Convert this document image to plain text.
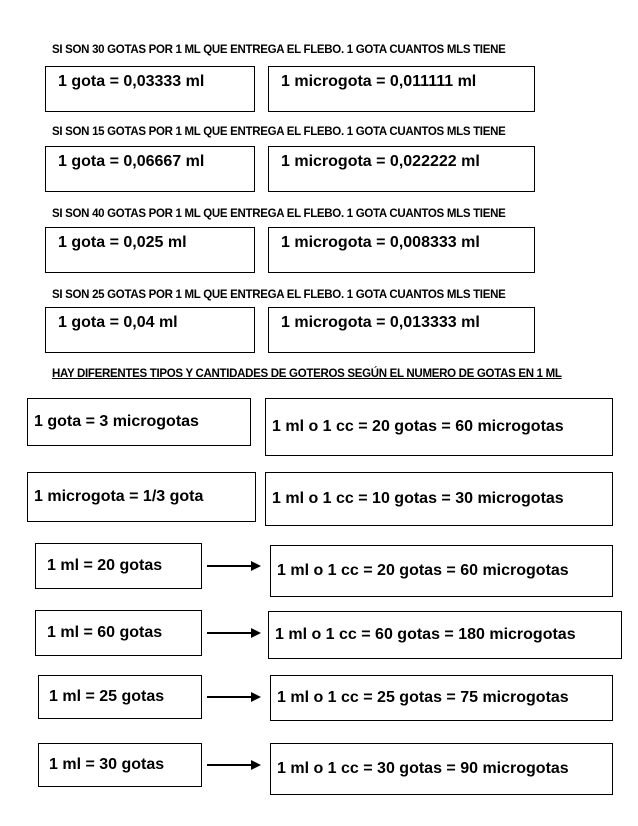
SI SON 30 GOTAS POR 1 ML QUE ENTREGA EL FLEBO. 1 GOTA CUANTOS MLS TIENE
1 gota = 0,03333 ml	1 microgota = 0,011111 ml
SI SON 15 GOTAS POR 1 ML QUE ENTREGA EL FLEBO. 1 GOTA CUANTOS MLS TIENE
1 gota = 0,06667 ml	1 microgota = 0,022222 ml
SI SON 40 GOTAS POR 1 ML QUE ENTREGA EL FLEBO. 1 GOTA CUANTOS MLS TIENE
1 gota = 0,025 ml	1 microgota = 0,008333 ml
SI SON 25 GOTAS POR 1 ML QUE ENTREGA EL FLEBO. 1 GOTA CUANTOS MLS TIENE
1 gota = 0,04 ml	1 microgota = 0,013333 ml
HAY DIFERENTES TIPOS Y CANTIDADES DE GOTEROS SEGÚN EL NUMERO DE GOTAS EN 1 ML
1 gota = 3 microgotas	1 ml o 1 cc = 20 gotas = 60 microgotas
1 microgota = 1/3 gota	1 ml o 1 cc = 10 gotas = 30 microgotas
1 ml = 20 gotas	1 ml o 1 cc = 20 gotas = 60 microgotas
1 ml = 60 gotas	1 ml o 1 cc = 60 gotas = 180 microgotas
1 ml = 25 gotas	1 ml o 1 cc = 25 gotas = 75 microgotas
1 ml = 30 gotas	1 ml o 1 cc = 30 gotas = 90 microgotas
